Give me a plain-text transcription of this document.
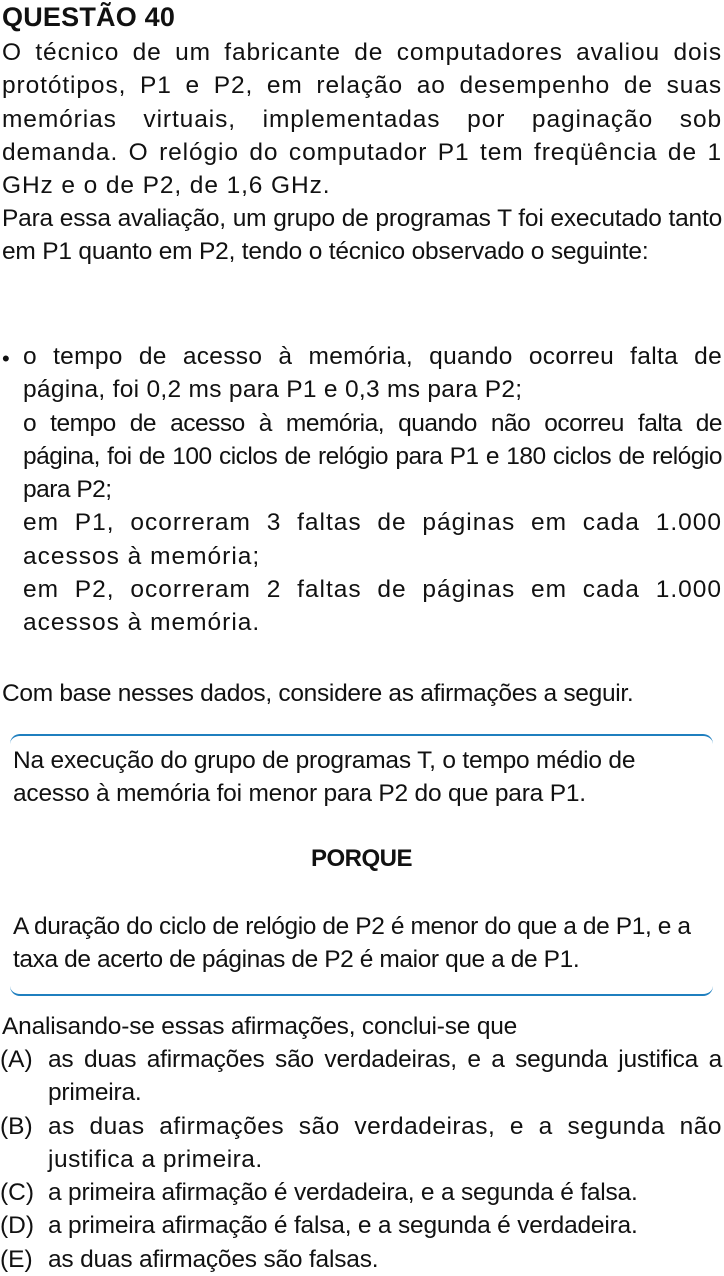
QUESTÃO 40

O técnico de um fabricante de computadores avaliou dois protótipos, P1 e P2, em relação ao desempenho de suas memórias virtuais, implementadas por paginação sob demanda. O relógio do computador P1 tem freqüência de 1 GHz e o de P2, de 1,6 GHz.

Para essa avaliação, um grupo de programas T foi executado tanto em P1 quanto em P2, tendo o técnico observado o seguinte:

• o tempo de acesso à memória, quando ocorreu falta de página, foi 0,2 ms para P1 e 0,3 ms para P2;

o tempo de acesso à memória, quando não ocorreu falta de página, foi de 100 ciclos de relógio para P1 e 180 ciclos de relógio para P2;

em P1, ocorreram 3 faltas de páginas em cada 1.000 acessos à memória;

em P2, ocorreram 2 faltas de páginas em cada 1.000 acessos à memória.

Com base nesses dados, considere as afirmações a seguir.

Na execução do grupo de programas T, o tempo médio de acesso à memória foi menor para P2 do que para P1.

PORQUE

A duração do ciclo de relógio de P2 é menor do que a de P1, e a taxa de acerto de páginas de P2 é maior que a de P1.

Analisando-se essas afirmações, conclui-se que

(A) as duas afirmações são verdadeiras, e a segunda justifica a primeira.
(B) as duas afirmações são verdadeiras, e a segunda não justifica a primeira.
(C) a primeira afirmação é verdadeira, e a segunda é falsa.
(D) a primeira afirmação é falsa, e a segunda é verdadeira.
(E) as duas afirmações são falsas.
